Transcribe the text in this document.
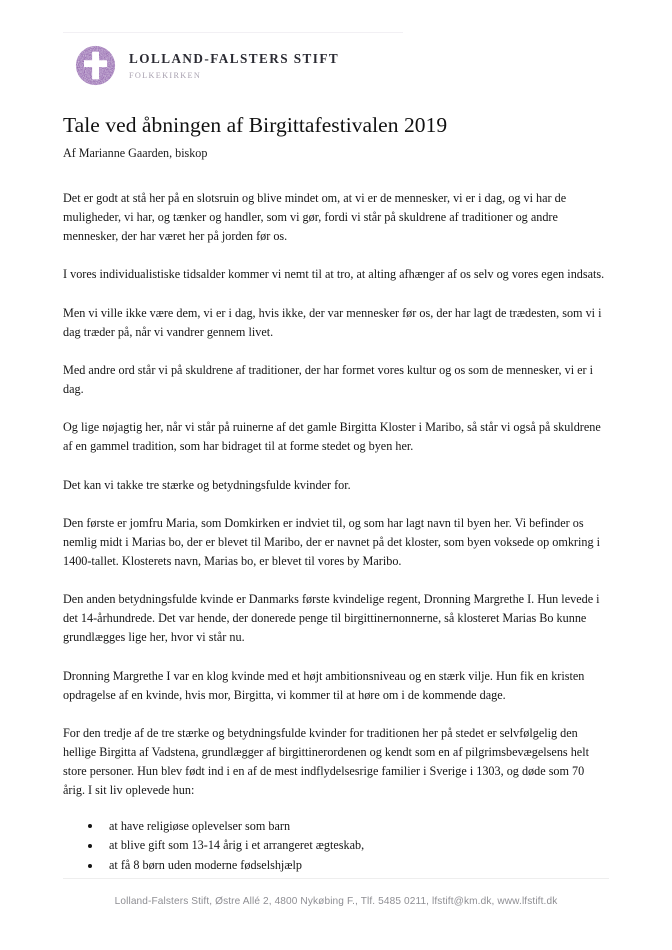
LOLLAND-FALSTERS STIFT
FOLKEKIRKEN
Tale ved åbningen af Birgittafestivalen 2019

Af Marianne Gaarden, biskop

Det er godt at stå her på en slotsruin og blive mindet om, at vi er de mennesker, vi er i dag, og vi har de muligheder, vi har, og tænker og handler, som vi gør, fordi vi står på skuldrene af traditioner og andre mennesker, der har været her på jorden før os.

I vores individualistiske tidsalder kommer vi nemt til at tro, at alting afhænger af os selv og vores egen indsats.

Men vi ville ikke være dem, vi er i dag, hvis ikke, der var mennesker før os, der har lagt de trædesten, som vi i dag træder på, når vi vandrer gennem livet.

Med andre ord står vi på skuldrene af traditioner, der har formet vores kultur og os som de mennesker, vi er i dag.

Og lige nøjagtig her, når vi står på ruinerne af det gamle Birgitta Kloster i Maribo, så står vi også på skuldrene af en gammel tradition, som har bidraget til at forme stedet og byen her.

Det kan vi takke tre stærke og betydningsfulde kvinder for.

Den første er jomfru Maria, som Domkirken er indviet til, og som har lagt navn til byen her. Vi befinder os nemlig midt i Marias bo, der er blevet til Maribo, der er navnet på det kloster, som byen voksede op omkring i 1400-tallet. Klosterets navn, Marias bo, er blevet til vores by Maribo.

Den anden betydningsfulde kvinde er Danmarks første kvindelige regent, Dronning Margrethe I. Hun levede i det 14-århundrede. Det var hende, der donerede penge til birgittinernonnerne, så klosteret Marias Bo kunne grundlægges lige her, hvor vi står nu.

Dronning Margrethe I var en klog kvinde med et højt ambitionsniveau og en stærk vilje. Hun fik en kristen opdragelse af en kvinde, hvis mor, Birgitta, vi kommer til at høre om i de kommende dage.

For den tredje af de tre stærke og betydningsfulde kvinder for traditionen her på stedet er selvfølgelig den hellige Birgitta af Vadstena, grundlægger af birgittinerordenen og kendt som en af pilgrimsbevægelsens helt store personer. Hun blev født ind i en af de mest indflydelsesrige familier i Sverige i 1303, og døde som 70 årig. I sit liv oplevede hun:

at have religiøse oplevelser som barn
at blive gift som 13-14 årig i et arrangeret ægteskab,
at få 8 børn uden moderne fødselshjælp
Lolland-Falsters Stift, Østre Allé 2, 4800 Nykøbing F., Tlf. 5485 0211, lfstift@km.dk, www.lfstift.dk
